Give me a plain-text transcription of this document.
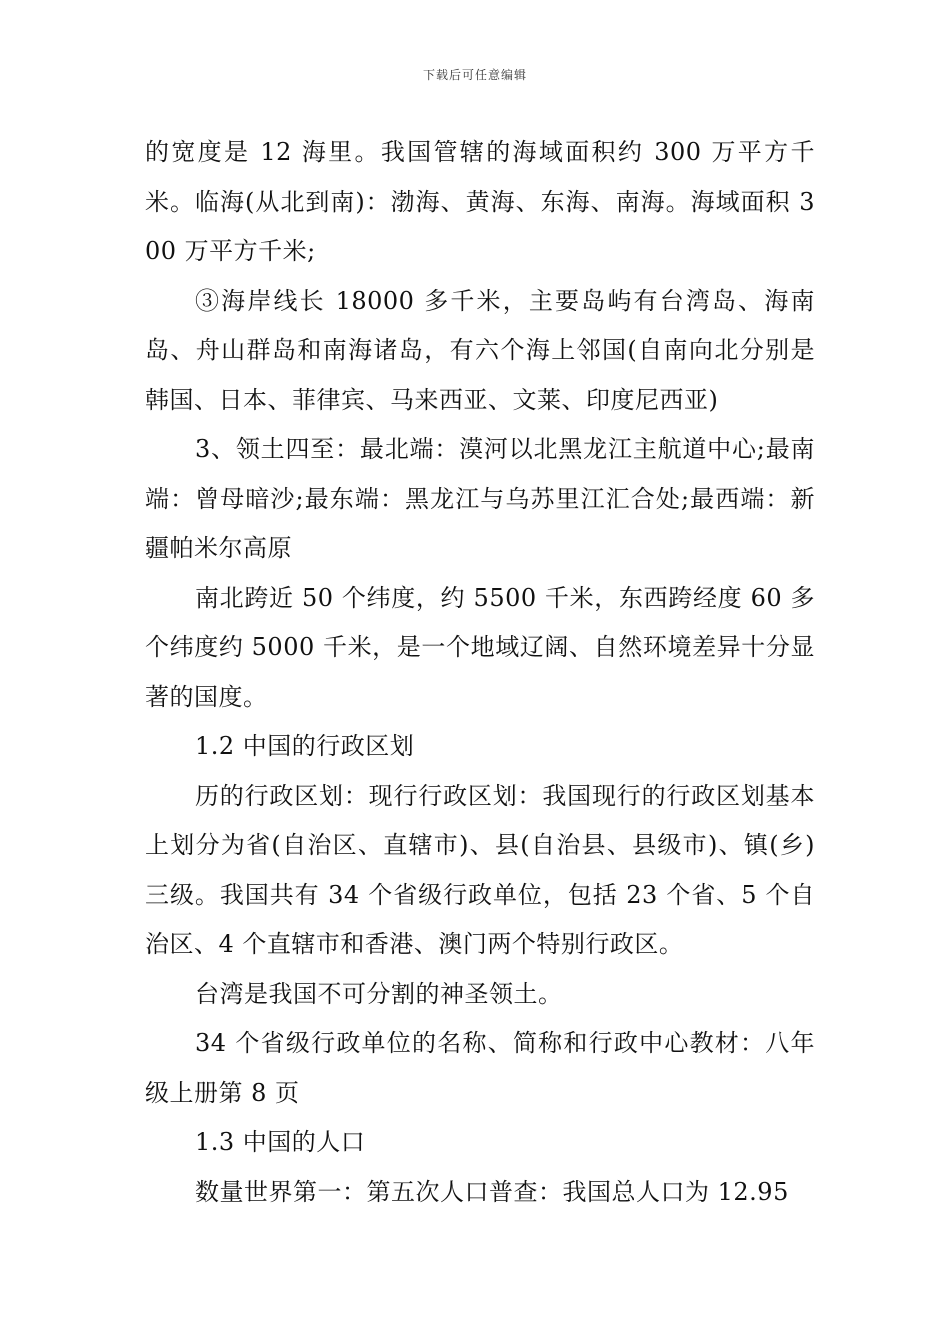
下载后可任意编辑

的宽度是 12 海里。我国管辖的海域面积约 300 万平方千米。临海(从北到南)：渤海、黄海、东海、南海。海域面积 300 万平方千米;

③海岸线长 18000 多千米，主要岛屿有台湾岛、海南岛、舟山群岛和南海诸岛，有六个海上邻国(自南向北分别是韩国、日本、菲律宾、马来西亚、文莱、印度尼西亚)

3、领土四至：最北端：漠河以北黑龙江主航道中心;最南端：曾母暗沙;最东端：黑龙江与乌苏里江汇合处;最西端：新疆帕米尔高原

南北跨近 50 个纬度，约 5500 千米，东西跨经度 60 多个纬度约 5000 千米，是一个地域辽阔、自然环境差异十分显著的国度。

1.2 中国的行政区划

历的行政区划：现行行政区划：我国现行的行政区划基本上划分为省(自治区、直辖市)、县(自治县、县级市)、镇(乡)三级。我国共有 34 个省级行政单位，包括 23 个省、5 个自治区、4 个直辖市和香港、澳门两个特别行政区。

台湾是我国不可分割的神圣领土。

34 个省级行政单位的名称、简称和行政中心教材：八年级上册第 8 页

1.3 中国的人口

数量世界第一：第五次人口普查：我国总人口为 12.95
